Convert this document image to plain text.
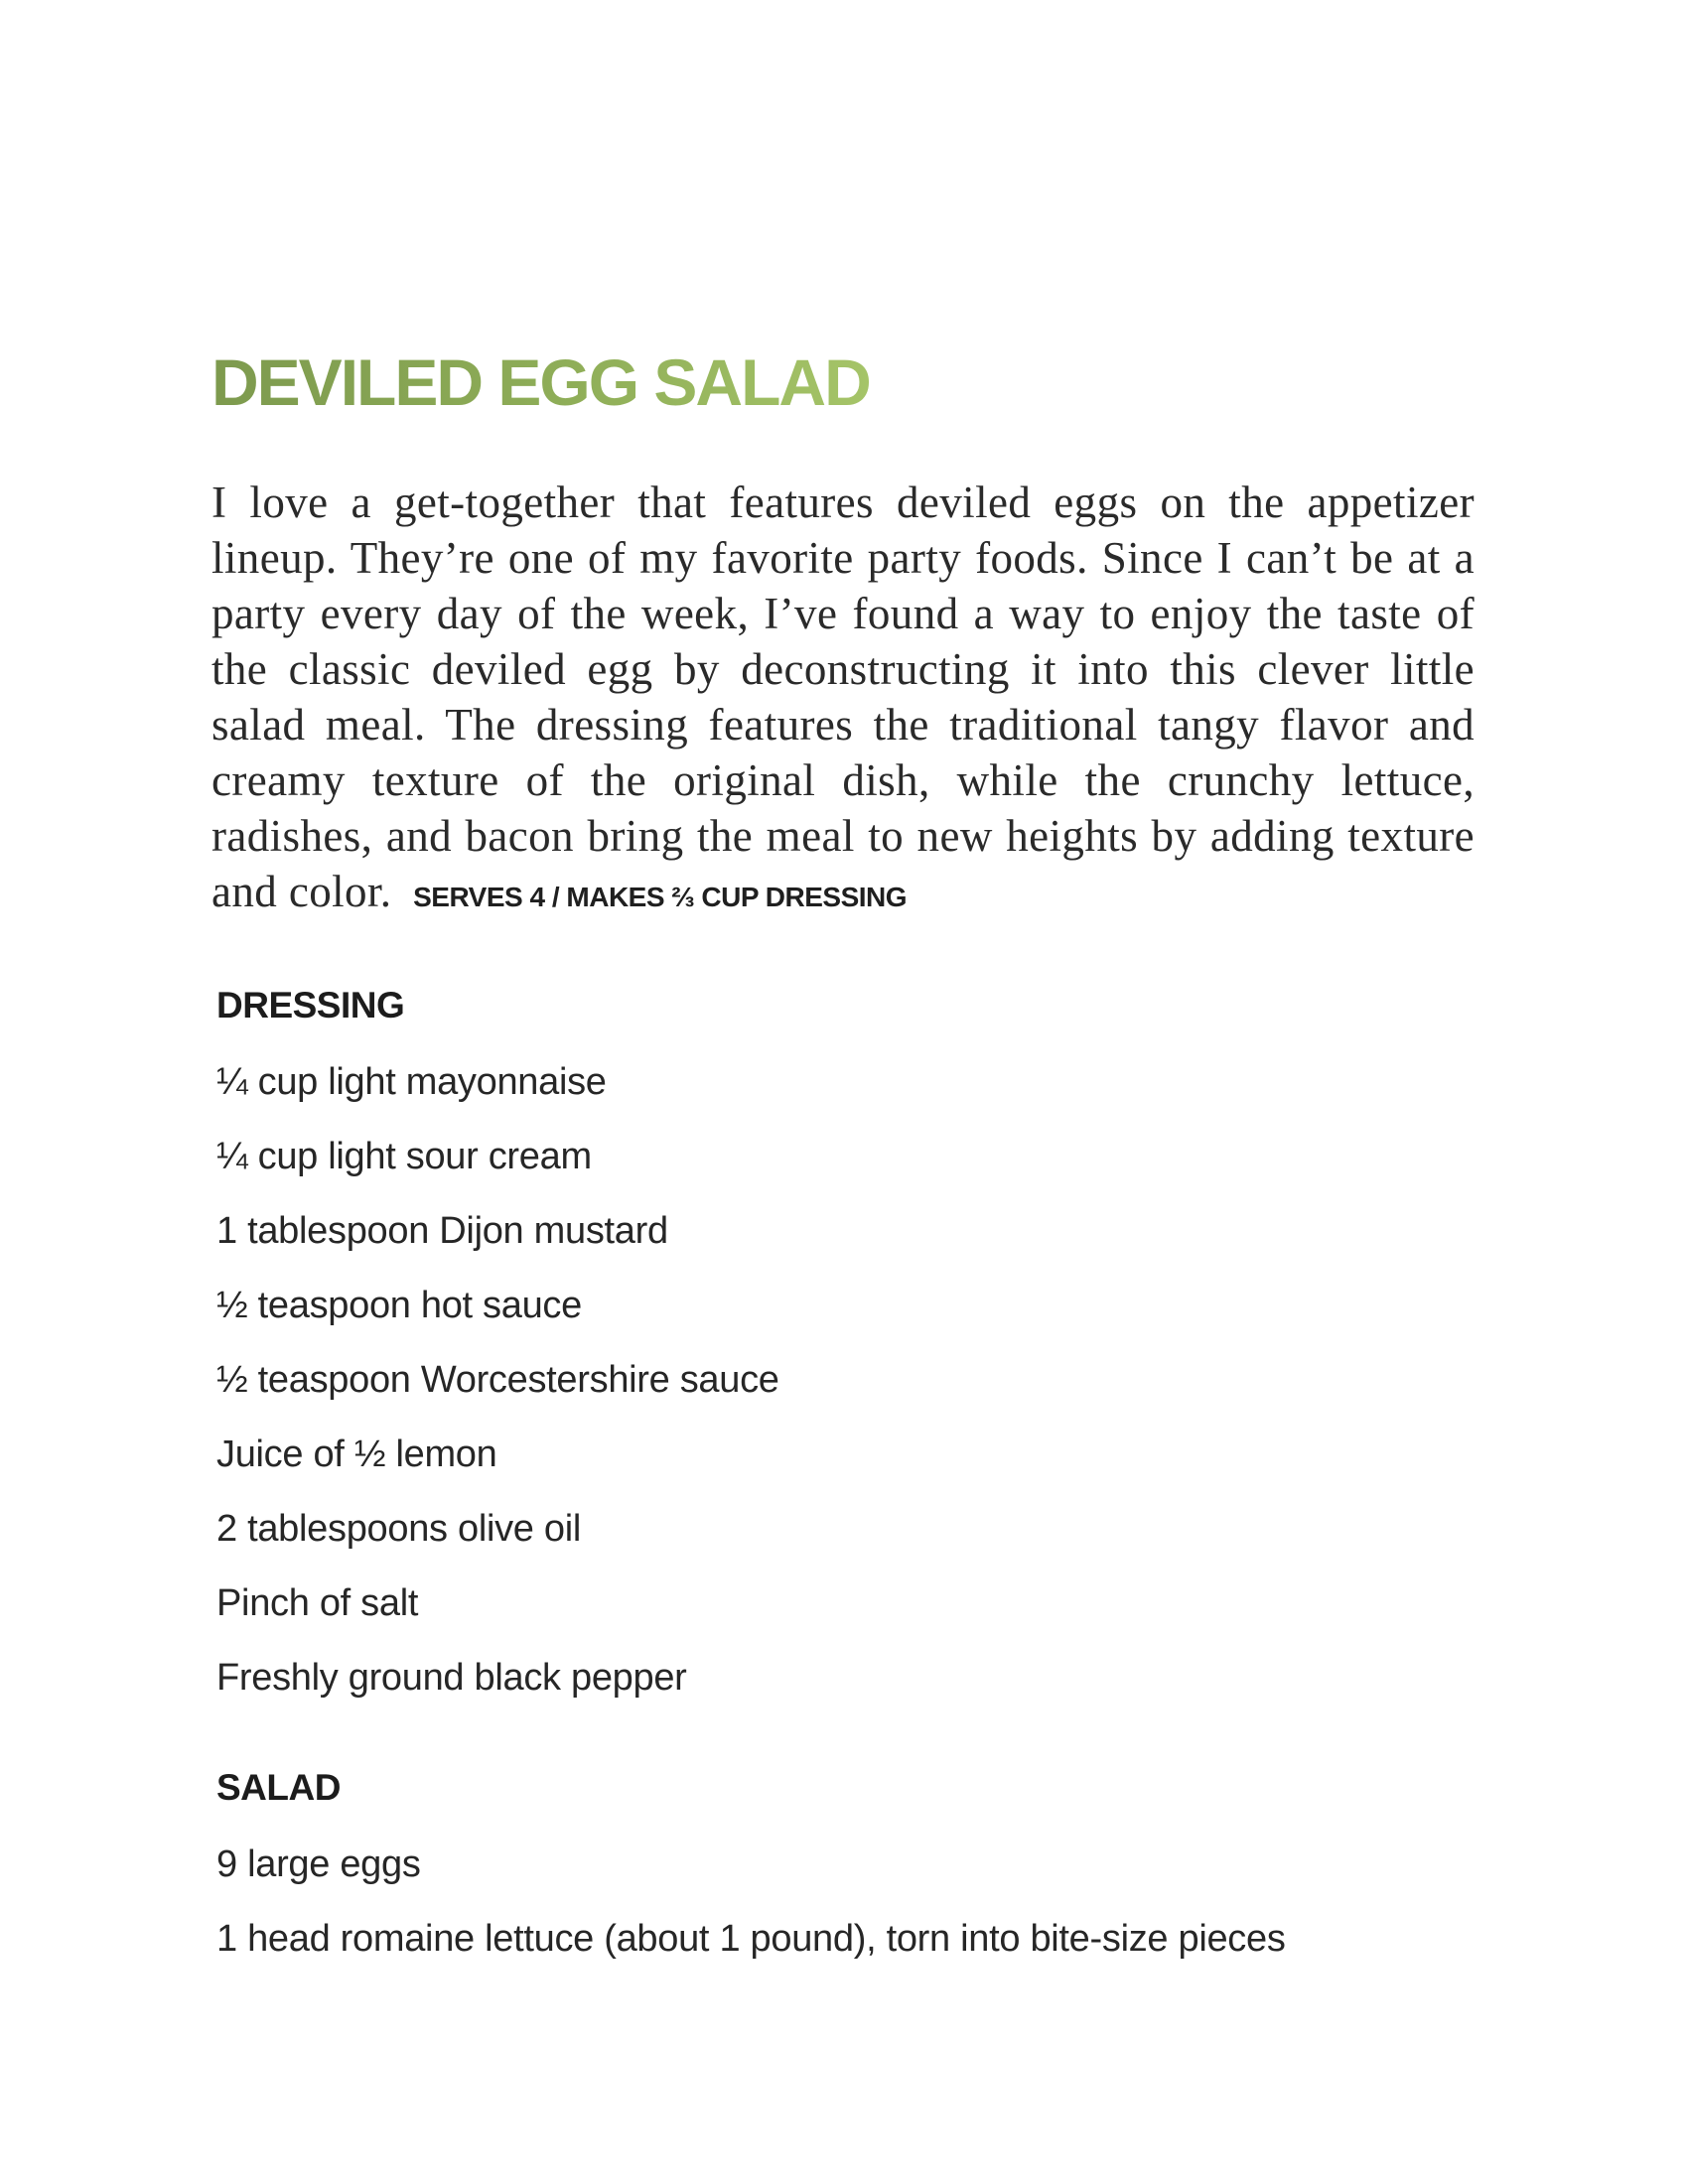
DEVILED EGG SALAD

I love a get-together that features deviled eggs on the appetizer lineup. They’re one of my favorite party foods. Since I can’t be at a party every day of the week, I’ve found a way to enjoy the taste of the classic deviled egg by deconstructing it into this clever little salad meal. The dressing features the traditional tangy flavor and creamy texture of the original dish, while the crunchy lettuce, radishes, and bacon bring the meal to new heights by adding texture and color. SERVES 4 / MAKES ⅔ CUP DRESSING

DRESSING
¼ cup light mayonnaise
¼ cup light sour cream
1 tablespoon Dijon mustard
½ teaspoon hot sauce
½ teaspoon Worcestershire sauce
Juice of ½ lemon
2 tablespoons olive oil
Pinch of salt
Freshly ground black pepper
SALAD
9 large eggs
1 head romaine lettuce (about 1 pound), torn into bite-size pieces
